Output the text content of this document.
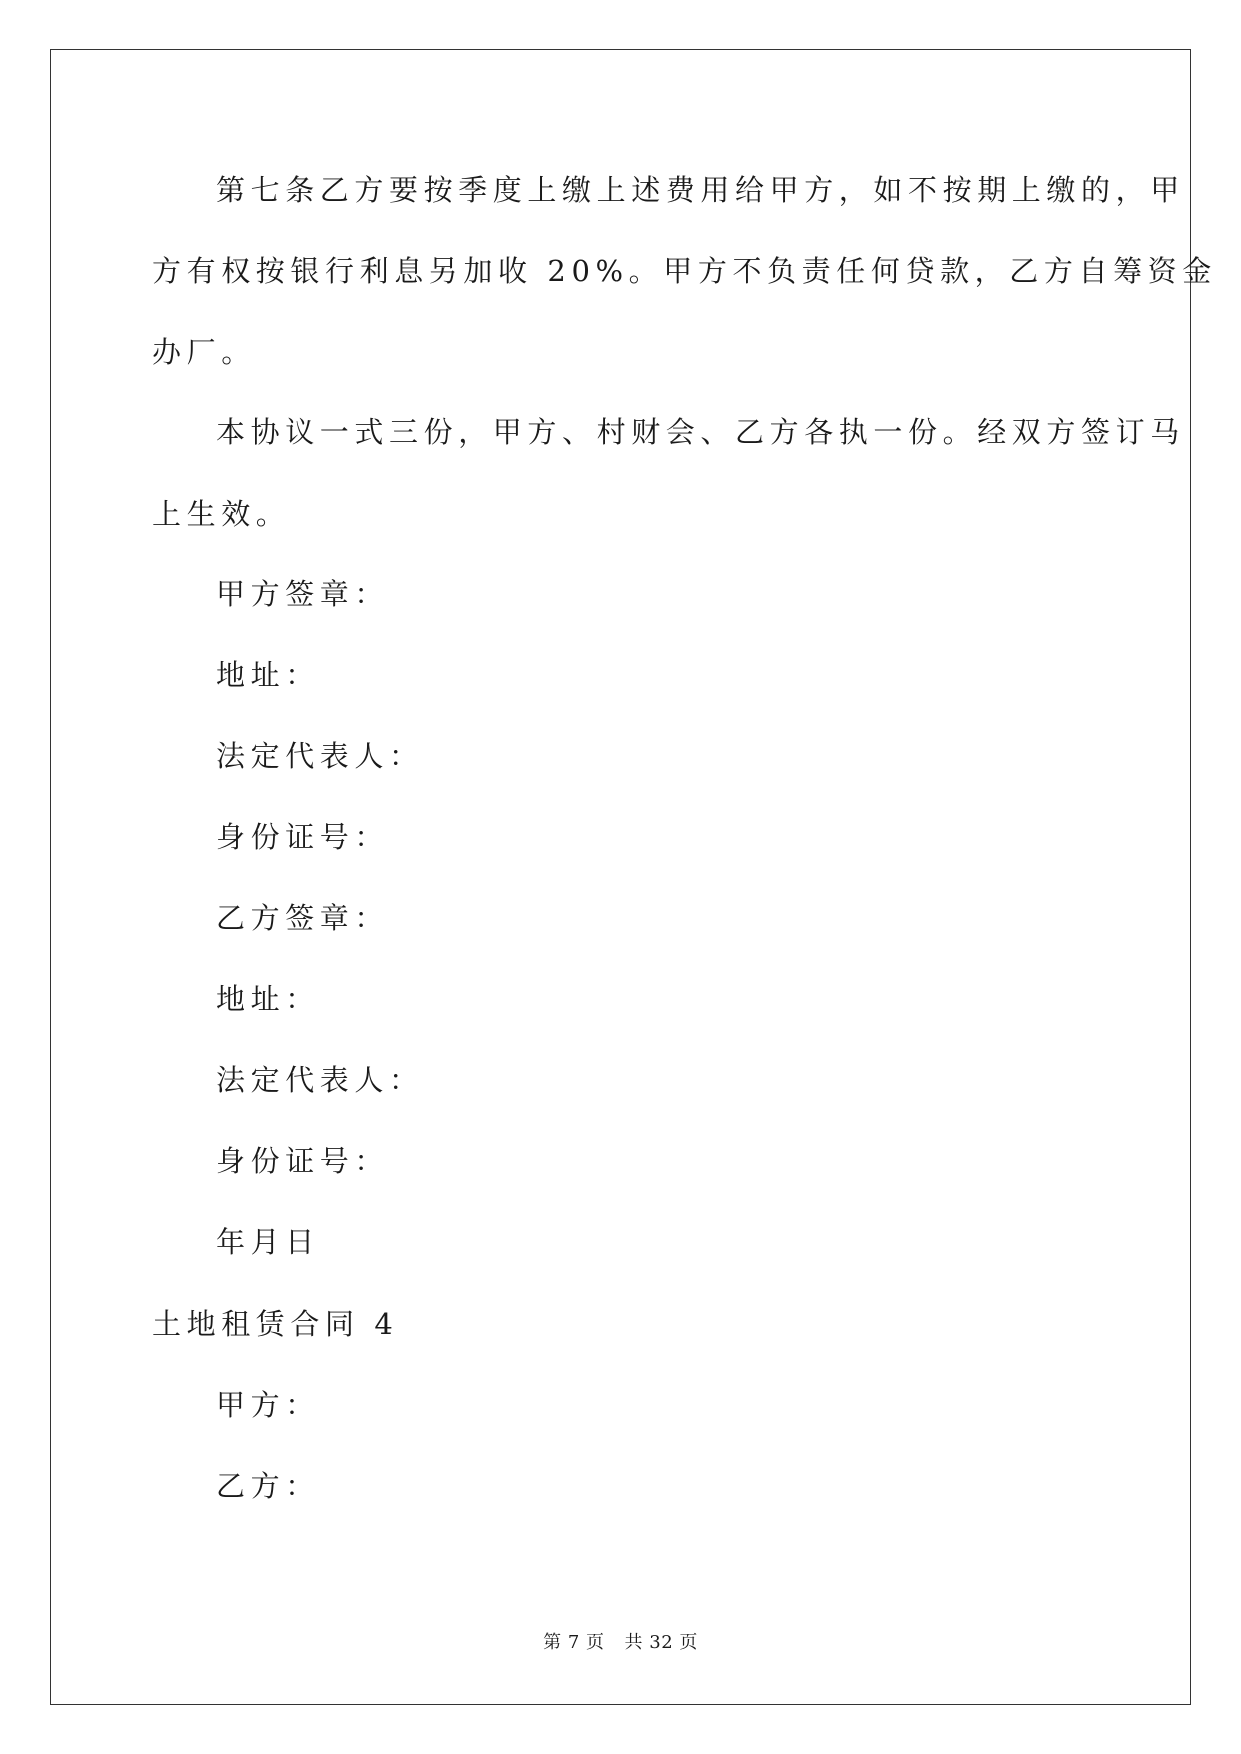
第七条乙方要按季度上缴上述费用给甲方，如不按期上缴的，甲
方有权按银行利息另加收 20%。甲方不负责任何贷款，乙方自筹资金
办厂。
本协议一式三份，甲方、村财会、乙方各执一份。经双方签订马
上生效。
甲方签章：
地址：
法定代表人：
身份证号：
乙方签章：
地址：
法定代表人：
身份证号：
年月日
土地租赁合同 4
甲方：
乙方：
第 7 页 共 32 页
